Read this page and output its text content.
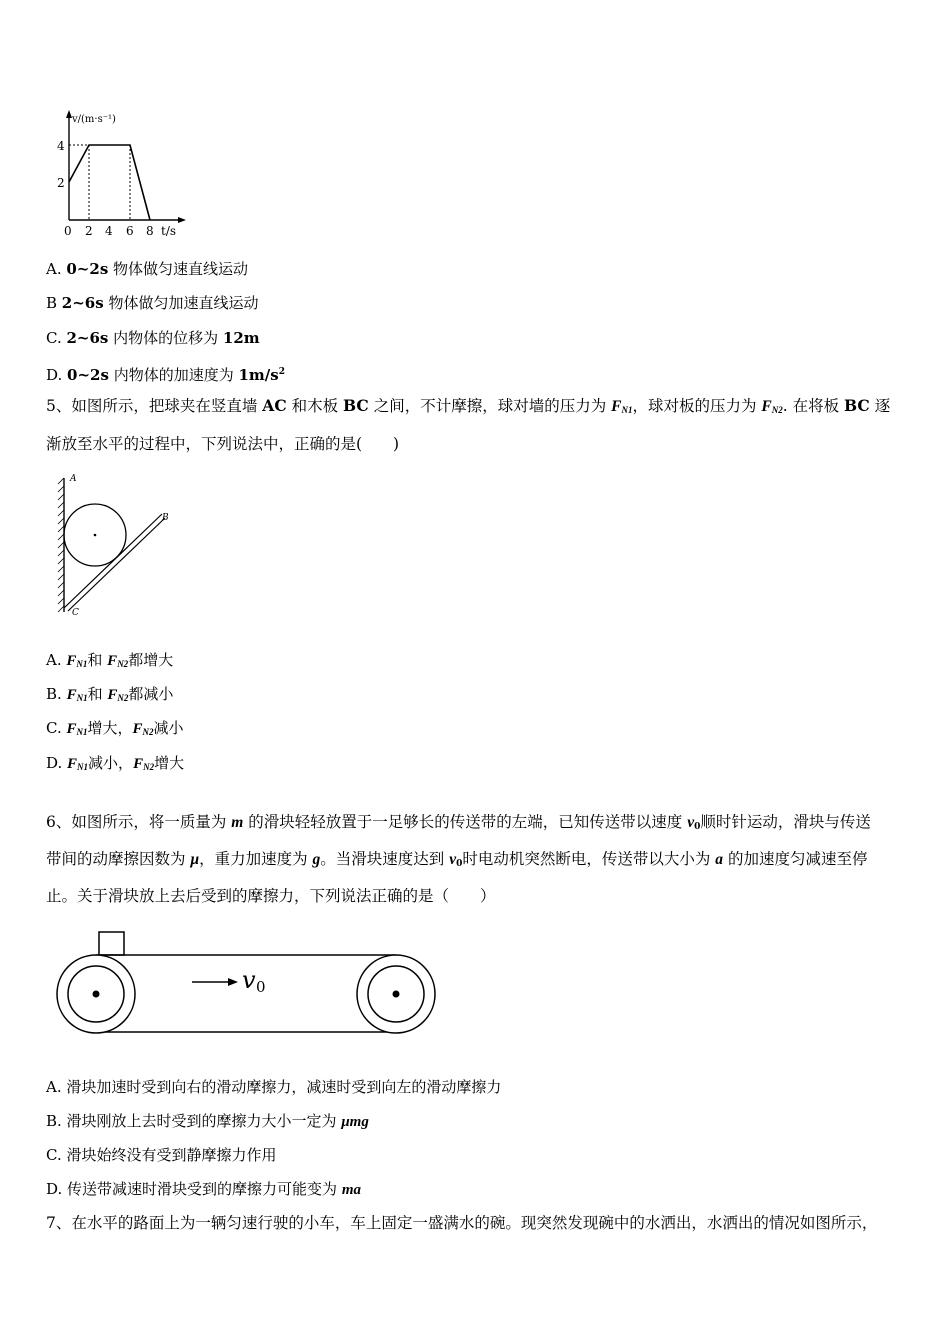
v/(m·s⁻¹)
4
2
0 2 4 6 8 t/s
A. 0~2s 物体做匀速直线运动
B 2~6s 物体做匀加速直线运动
C. 2~6s 内物体的位移为 12m
D. 0~2s 内物体的加速度为 $1m/s^2$
5、如图所示，把球夹在竖直墙 AC 和木板 BC 之间，不计摩擦，球对墙的压力为 $F_{N1}$，球对板的压力为 $F_{N2}$. 在将板 BC 逐
渐放至水平的过程中，下列说法中，正确的是(　　)
A
B
C
A. $F_{N1}$和 $F_{N2}$都增大
B. $F_{N1}$和 $F_{N2}$都减小
C. $F_{N1}$增大，$F_{N2}$减小
D. $F_{N1}$减小，$F_{N2}$增大
6、如图所示，将一质量为 m 的滑块轻轻放置于一足够长的传送带的左端，已知传送带以速度 $v_0$顺时针运动，滑块与传送
带间的动摩擦因数为 μ，重力加速度为 g。当滑块速度达到 $v_0$时电动机突然断电，传送带以大小为 a 的加速度匀减速至停
止。关于滑块放上去后受到的摩擦力，下列说法正确的是（　　）
v 0
A. 滑块加速时受到向右的滑动摩擦力，减速时受到向左的滑动摩擦力
B. 滑块刚放上去时受到的摩擦力大小一定为 μmg
C. 滑块始终没有受到静摩擦力作用
D. 传送带减速时滑块受到的摩擦力可能变为 ma
7、在水平的路面上为一辆匀速行驶的小车，车上固定一盛满水的碗。现突然发现碗中的水洒出，水洒出的情况如图所示，
